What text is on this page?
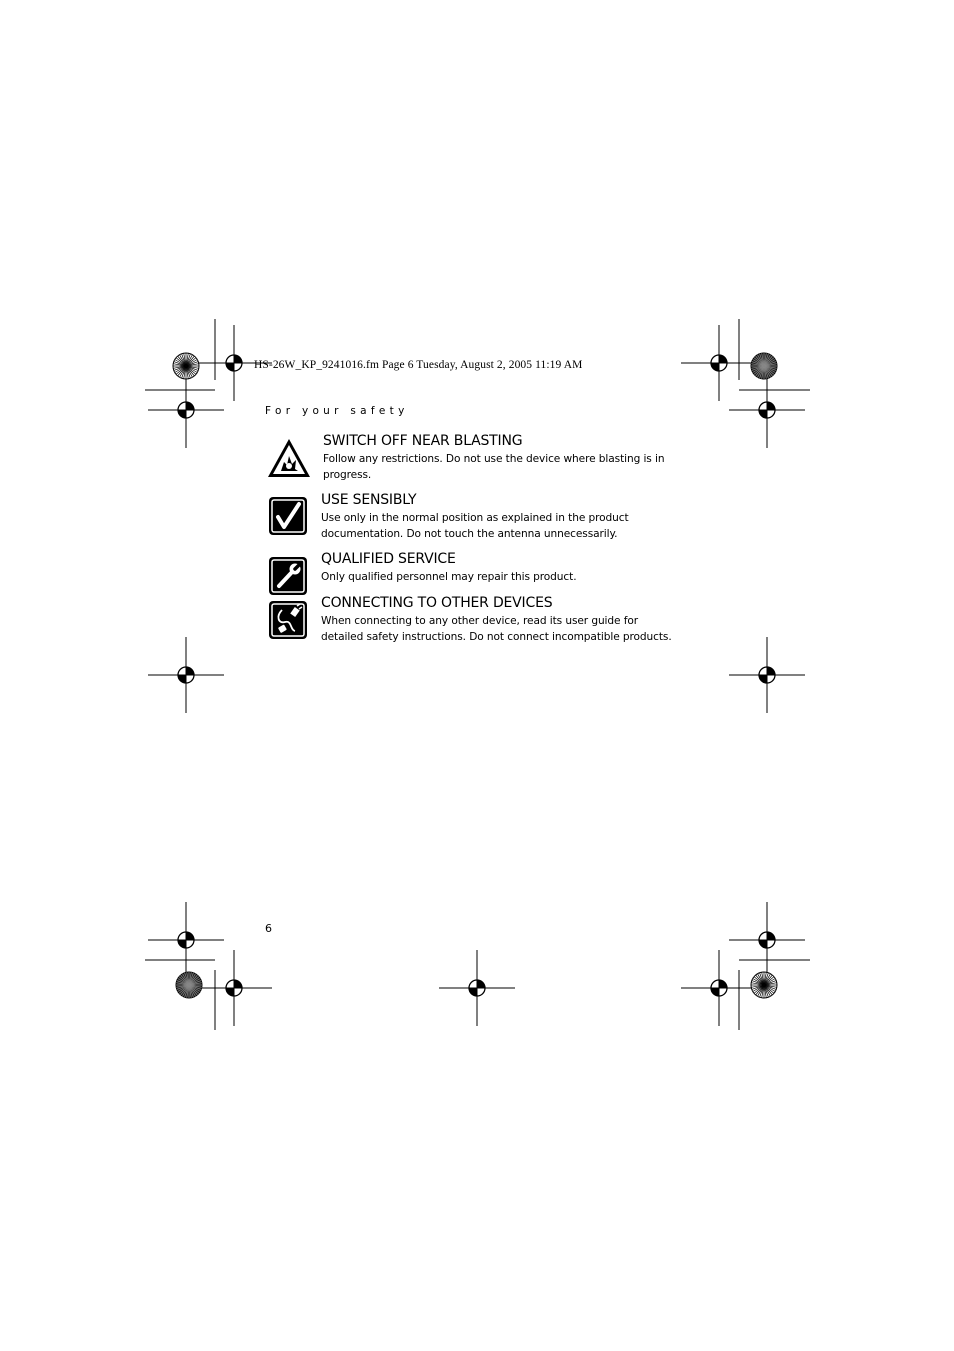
HS-26W_KP_9241016.fm Page 6 Tuesday, August 2, 2005 11:19 AM
For your safety
SWITCH OFF NEAR BLASTING

Follow any restrictions. Do not use the device where blasting is in progress.

USE SENSIBLY

Use only in the normal position as explained in the product documentation. Do not touch the antenna unnecessarily.

QUALIFIED SERVICE

Only qualified personnel may repair this product.

CONNECTING TO OTHER DEVICES

When connecting to any other device, read its user guide for detailed safety instructions. Do not connect incompatible products.

6
